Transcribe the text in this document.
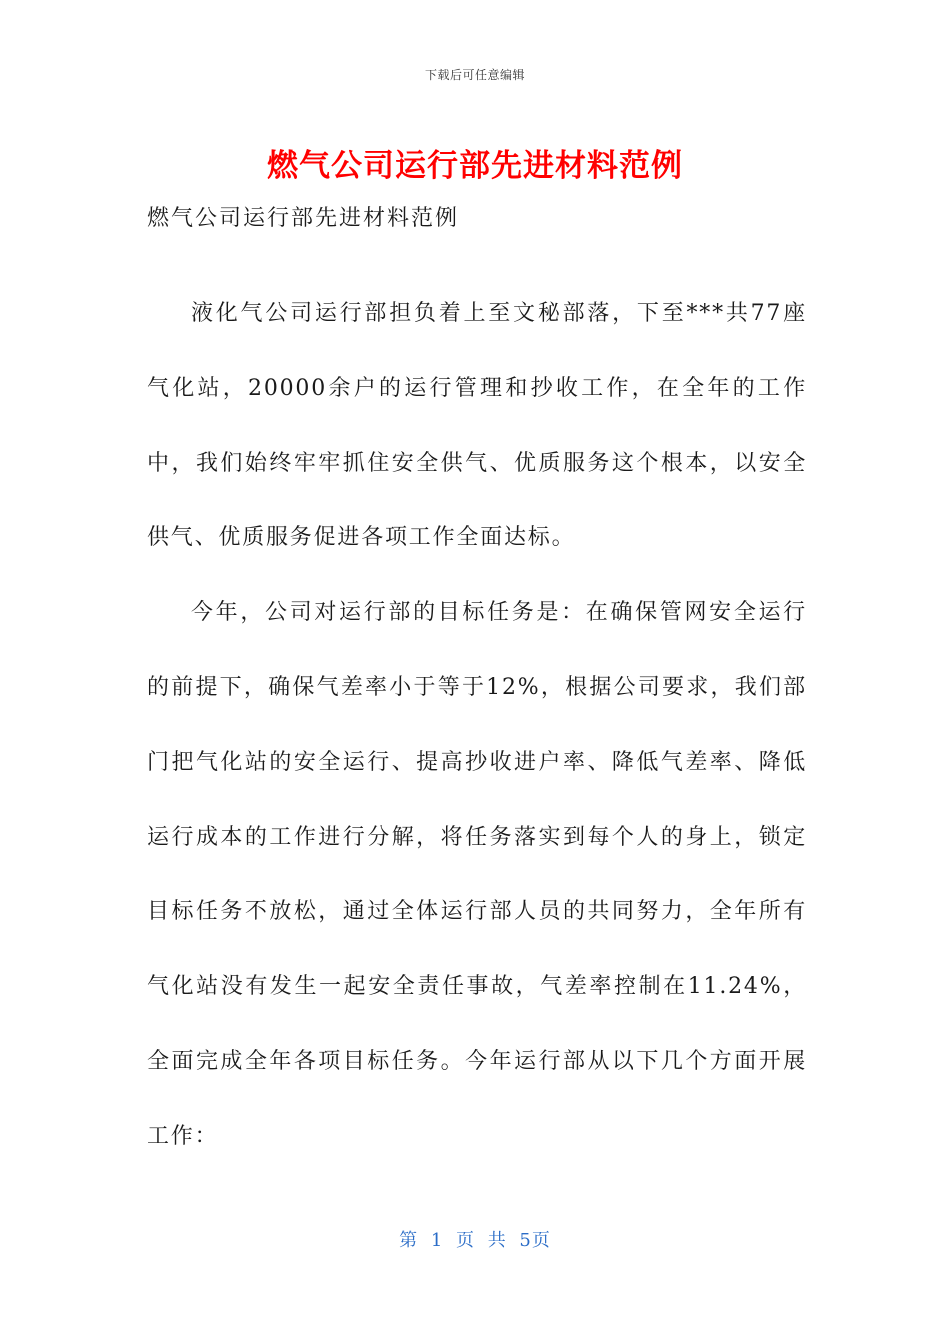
下载后可任意编辑
燃气公司运行部先进材料范例
燃气公司运行部先进材料范例

液化气公司运行部担负着上至文秘部落，下至***共77座气化站，20000余户的运行管理和抄收工作，在全年的工作中，我们始终牢牢抓住安全供气、优质服务这个根本，以安全供气、优质服务促进各项工作全面达标。

今年，公司对运行部的目标任务是：在确保管网安全运行的前提下，确保气差率小于等于12%，根据公司要求，我们部门把气化站的安全运行、提高抄收进户率、降低气差率、降低运行成本的工作进行分解，将任务落实到每个人的身上，锁定目标任务不放松，通过全体运行部人员的共同努力，全年所有气化站没有发生一起安全责任事故，气差率控制在11.24%，全面完成全年各项目标任务。今年运行部从以下几个方面开展工作：

第 1 页 共 5页
